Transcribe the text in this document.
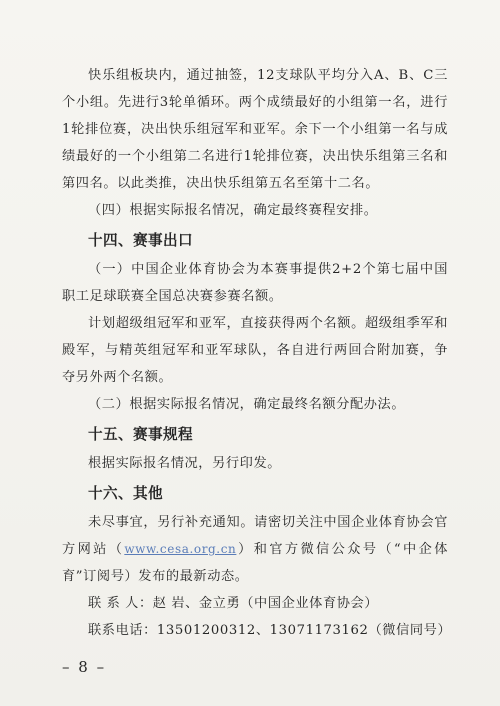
快乐组板块内，通过抽签，12支球队平均分入A、B、C三个小组。先进行3轮单循环。两个成绩最好的小组第一名，进行1轮排位赛，决出快乐组冠军和亚军。余下一个小组第一名与成绩最好的一个小组第二名进行1轮排位赛，决出快乐组第三名和第四名。以此类推，决出快乐组第五名至第十二名。

（四）根据实际报名情况，确定最终赛程安排。

十四、赛事出口

（一）中国企业体育协会为本赛事提供2+2个第七届中国职工足球联赛全国总决赛参赛名额。

计划超级组冠军和亚军，直接获得两个名额。超级组季军和殿军，与精英组冠军和亚军球队，各自进行两回合附加赛，争夺另外两个名额。

（二）根据实际报名情况，确定最终名额分配办法。

十五、赛事规程

根据实际报名情况，另行印发。

十六、其他

未尽事宜，另行补充通知。请密切关注中国企业体育协会官方网站（www.cesa.org.cn）和官方微信公众号（“中企体育”订阅号）发布的最新动态。

联 系 人：赵 岩、金立勇（中国企业体育协会）

联系电话：13501200312、13071173162（微信同号）

– 8 –
